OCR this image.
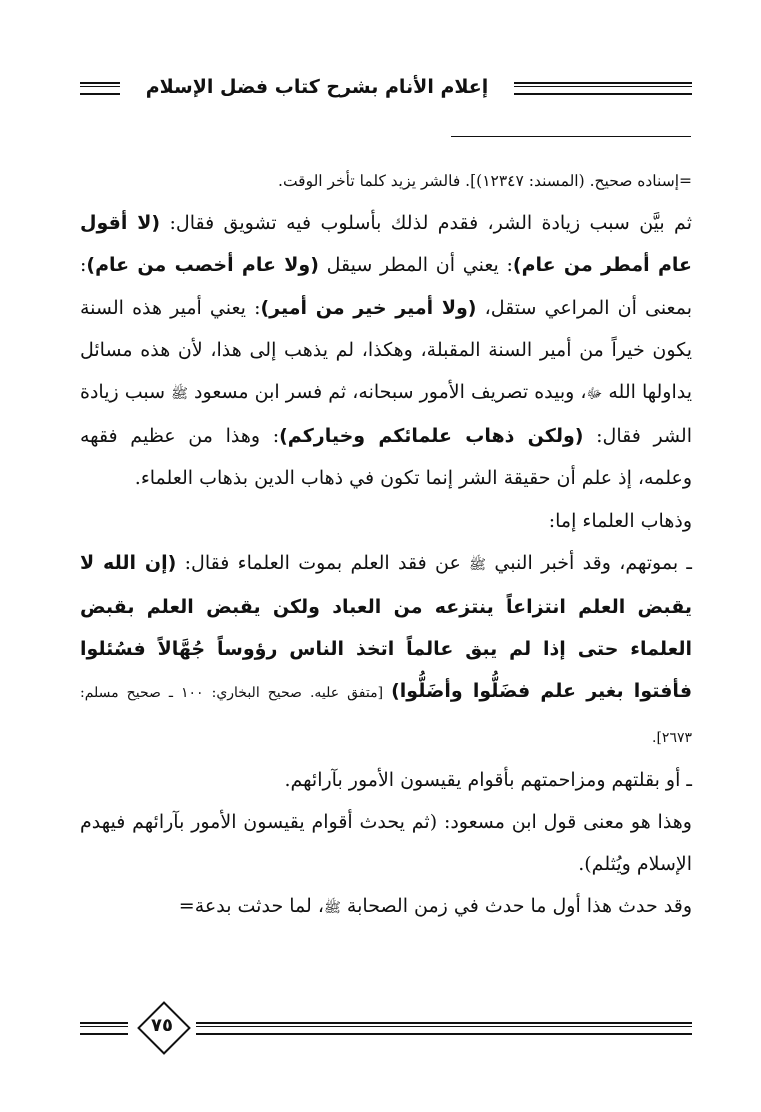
إعلام الأنام بشرح كتاب فضل الإسلام

=إسناده صحيح. (المسند: ١٢٣٤٧)]. فالشر يزيد كلما تأخر الوقت.

ثم بيَّن سبب زيادة الشر، فقدم لذلك بأسلوب فيه تشويق فقال: (لا أقول عام أمطر من عام): يعني أن المطر سيقل (ولا عام أخصب من عام): بمعنى أن المراعي ستقل، (ولا أمير خير من أمير): يعني أمير هذه السنة يكون خيراً من أمير السنة المقبلة، وهكذا، لم يذهب إلى هذا، لأن هذه مسائل يداولها الله ﷻ، وبيده تصريف الأمور سبحانه، ثم فسر ابن مسعود ﷺ سبب زيادة الشر فقال: (ولكن ذهاب علمائكم وخياركم): وهذا من عظيم فقهه وعلمه، إذ علم أن حقيقة الشر إنما تكون في ذهاب الدين بذهاب العلماء.

وذهاب العلماء إما:

ـ بموتهم، وقد أخبر النبي ﷺ عن فقد العلم بموت العلماء فقال: (إن الله لا يقبض العلم انتزاعاً ينتزعه من العباد ولكن يقبض العلم بقبض العلماء حتى إذا لم يبق عالماً اتخذ الناس رؤوساً جُهَّالاً فسُئلوا فأفتوا بغير علم فضَلُّوا وأضَلُّوا) [متفق عليه. صحيح البخاري: ١٠٠ ـ صحيح مسلم: ٢٦٧٣].

ـ أو بقلتهم ومزاحمتهم بأقوام يقيسون الأمور بآرائهم.

وهذا هو معنى قول ابن مسعود: (ثم يحدث أقوام يقيسون الأمور بآرائهم فيهدم الإسلام ويُثلم).

وقد حدث هذا أول ما حدث في زمن الصحابة ﷺ، لما حدثت بدعة=

٧٥
